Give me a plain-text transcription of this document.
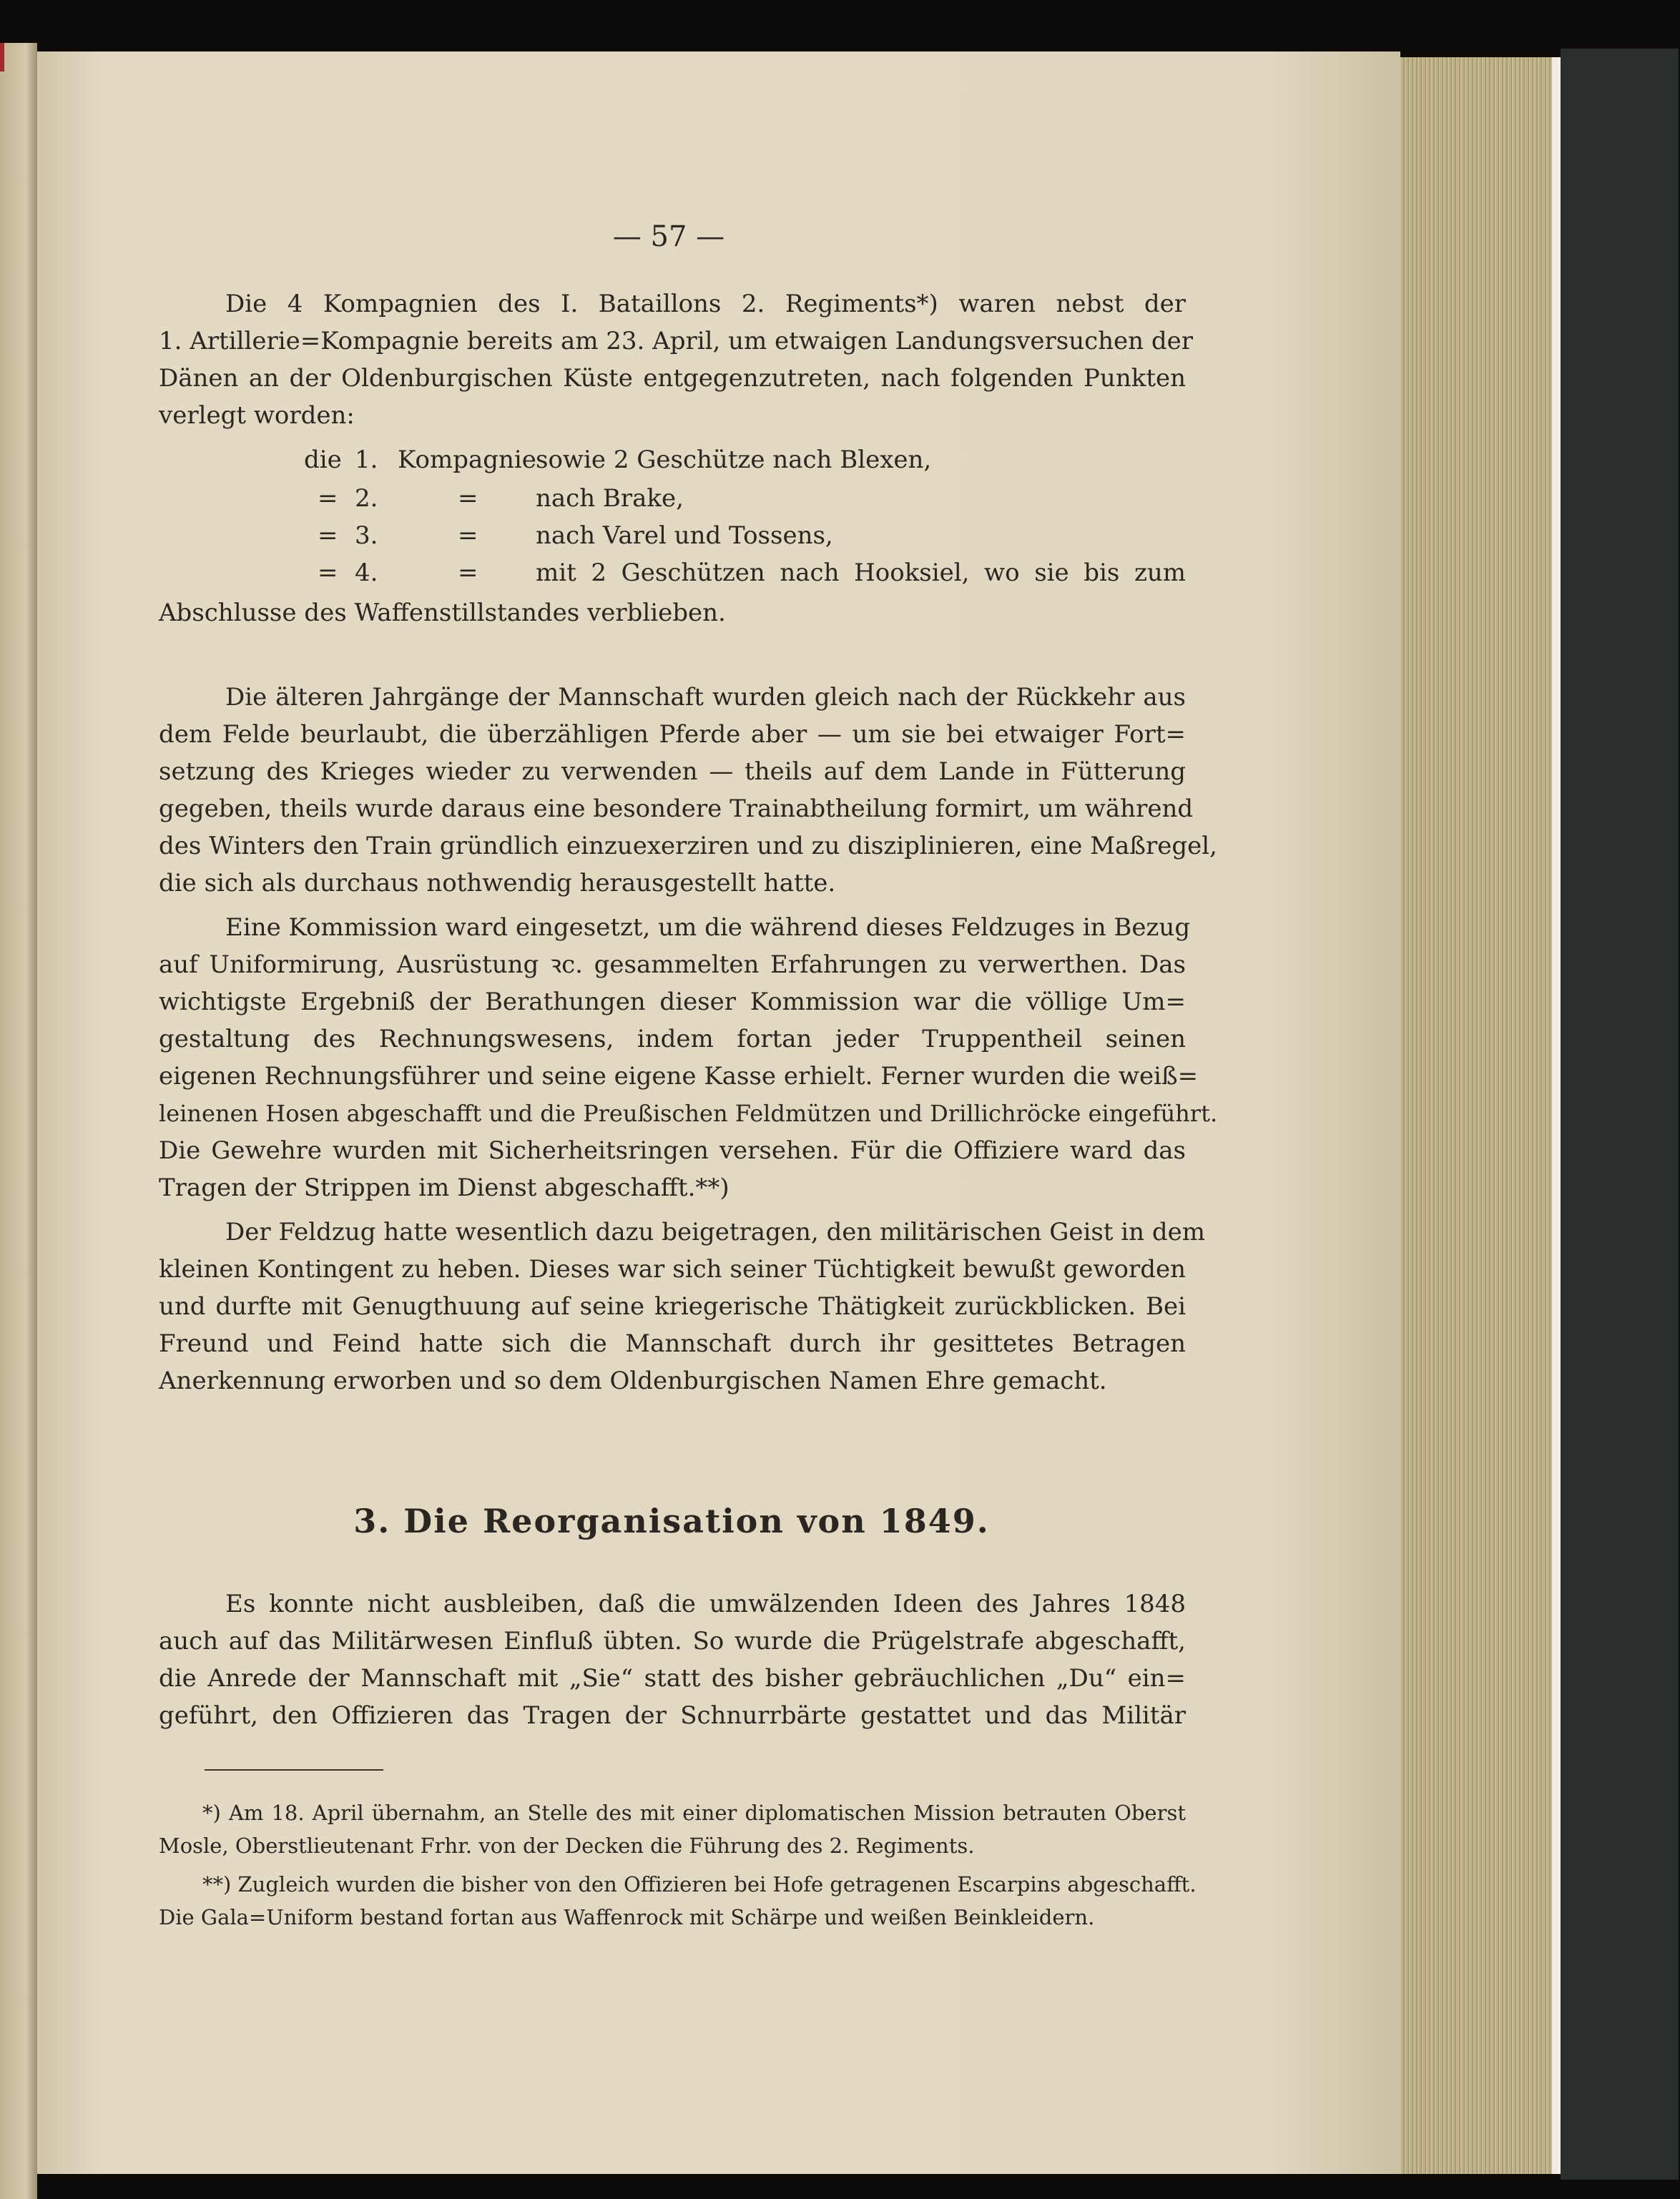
— 57 —

Die 4 Kompagnien des I. Bataillons 2. Regiments*) waren nebst der

1. Artillerie=Kompagnie bereits am 23. April, um etwaigen Landungsversuchen der

Dänen an der Oldenburgischen Küste entgegenzutreten, nach folgenden Punkten

verlegt worden:

die 1. Kompagnie sowie 2 Geschütze nach Blexen,
= 2.	= nach Brake,
= 3.	= nach Varel und Tossens,
= 4.	= mit 2 Geschützen nach Hooksiel, wo sie bis zum

Abschlusse des Waffenstillstandes verblieben.

Die älteren Jahrgänge der Mannschaft wurden gleich nach der Rückkehr aus

dem Felde beurlaubt, die überzähligen Pferde aber — um sie bei etwaiger Fort=

setzung des Krieges wieder zu verwenden — theils auf dem Lande in Fütterung

gegeben, theils wurde daraus eine besondere Trainabtheilung formirt, um während

des Winters den Train gründlich einzuexerziren und zu disziplinieren, eine Maßregel,

die sich als durchaus nothwendig herausgestellt hatte.

Eine Kommission ward eingesetzt, um die während dieses Feldzuges in Bezug

auf Uniformirung, Ausrüstung ꝛc. gesammelten Erfahrungen zu verwerthen. Das

wichtigste Ergebniß der Berathungen dieser Kommission war die völlige Um=

gestaltung des Rechnungswesens, indem fortan jeder Truppentheil seinen

eigenen Rechnungsführer und seine eigene Kasse erhielt. Ferner wurden die weiß=

leinenen Hosen abgeschafft und die Preußischen Feldmützen und Drillichröcke eingeführt.

Die Gewehre wurden mit Sicherheitsringen versehen. Für die Offiziere ward das

Tragen der Strippen im Dienst abgeschafft.**)

Der Feldzug hatte wesentlich dazu beigetragen, den militärischen Geist in dem

kleinen Kontingent zu heben. Dieses war sich seiner Tüchtigkeit bewußt geworden

und durfte mit Genugthuung auf seine kriegerische Thätigkeit zurückblicken. Bei

Freund und Feind hatte sich die Mannschaft durch ihr gesittetes Betragen

Anerkennung erworben und so dem Oldenburgischen Namen Ehre gemacht.

3. Die Reorganisation von 1849.

Es konnte nicht ausbleiben, daß die umwälzenden Ideen des Jahres 1848

auch auf das Militärwesen Einfluß übten. So wurde die Prügelstrafe abgeschafft,

die Anrede der Mannschaft mit „Sie“ statt des bisher gebräuchlichen „Du“ ein=

geführt, den Offizieren das Tragen der Schnurrbärte gestattet und das Militär

*) Am 18. April übernahm, an Stelle des mit einer diplomatischen Mission betrauten Oberst

Mosle, Oberstlieutenant Frhr. von der Decken die Führung des 2. Regiments.

**) Zugleich wurden die bisher von den Offizieren bei Hofe getragenen Escarpins abgeschafft.

Die Gala=Uniform bestand fortan aus Waffenrock mit Schärpe und weißen Beinkleidern.
